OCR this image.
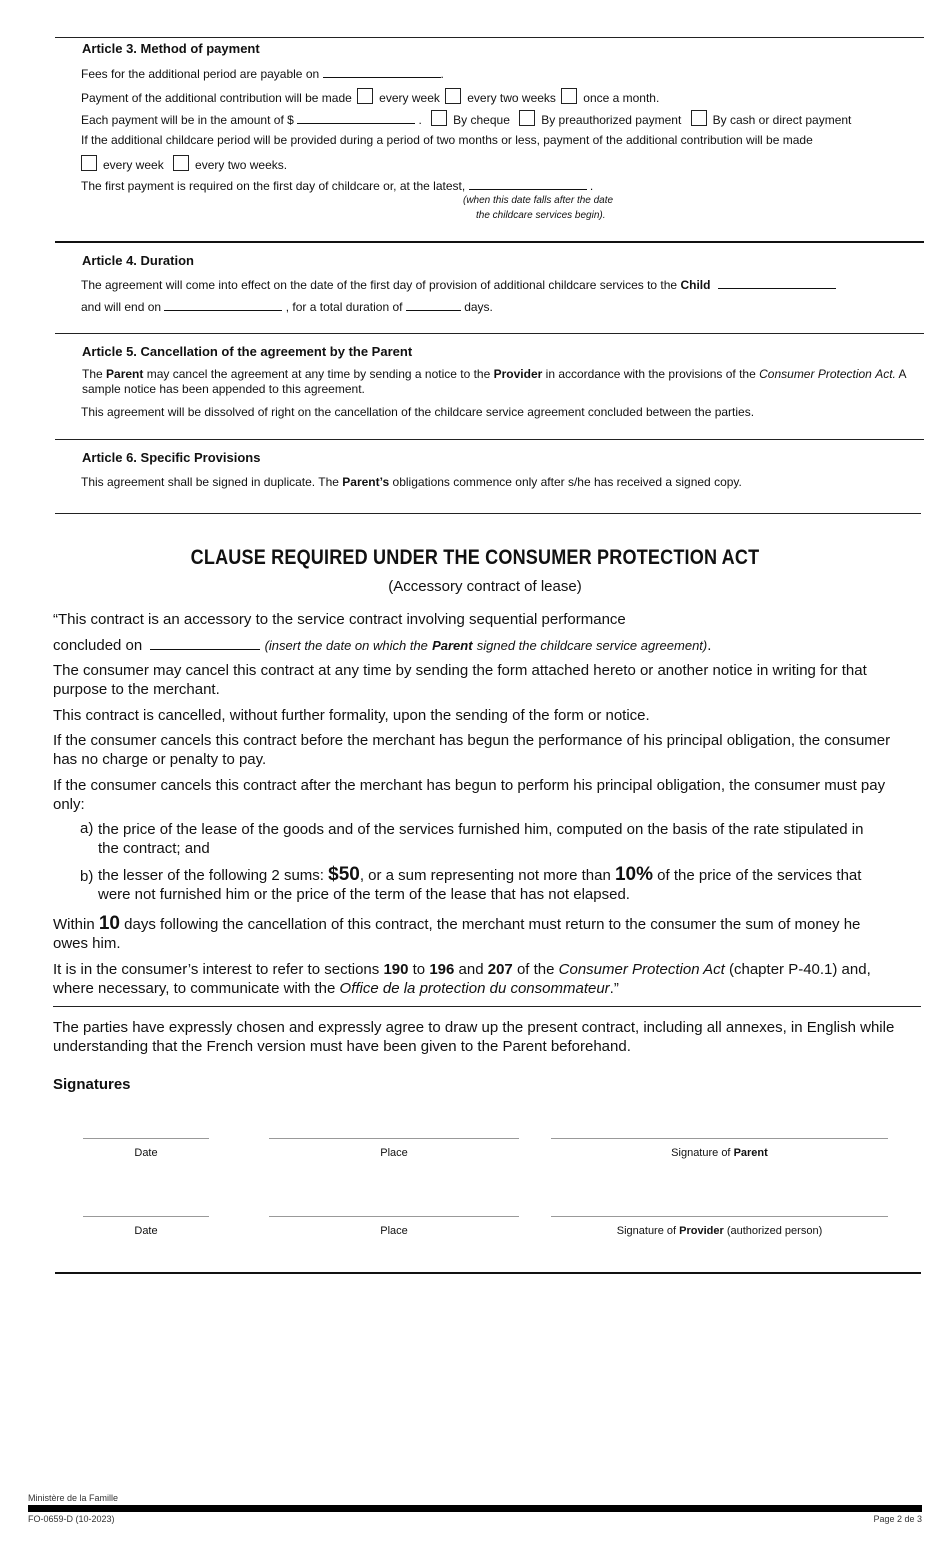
Article 3. Method of payment
Fees for the additional period are payable on	.
Payment of the additional contribution will be made every week every two weeks once a month.
Each payment will be in the amount of $	. By cheque	By preauthorized payment	By cash or direct payment
If the additional childcare period will be provided during a period of two months or less, payment of the additional contribution will be made
every week	every two weeks.
The first payment is required on the first day of childcare or, at the latest,	.
(when this date falls after the date
the childcare services begin).
Article 4. Duration
The agreement will come into effect on the date of the first day of provision of additional childcare services to the Child
and will end on	, for a total duration of	days.
Article 5. Cancellation of the agreement by the Parent
The Parent may cancel the agreement at any time by sending a notice to the Provider in accordance with the provisions of the Consumer Protection Act. A sample notice has been appended to this agreement.
This agreement will be dissolved of right on the cancellation of the childcare service agreement concluded between the parties.
Article 6. Specific Provisions
This agreement shall be signed in duplicate. The Parent’s obligations commence only after s/he has received a signed copy.
CLAUSE REQUIRED UNDER THE CONSUMER PROTECTION ACT
(Accessory contract of lease)
“This contract is an accessory to the service contract involving sequential performance
concluded on	(insert the date on which the Parent signed the childcare service agreement).
The consumer may cancel this contract at any time by sending the form attached hereto or another notice in writing for that purpose to the merchant.
This contract is cancelled, without further formality, upon the sending of the form or notice.
If the consumer cancels this contract before the merchant has begun the performance of his principal obligation, the consumer has no charge or penalty to pay.
If the consumer cancels this contract after the merchant has begun to perform his principal obligation, the consumer must pay only:
a) the price of the lease of the goods and of the services furnished him, computed on the basis of the rate stipulated in the contract; and
b) the lesser of the following 2 sums: $50, or a sum representing not more than 10% of the price of the services that were not furnished him or the price of the term of the lease that has not elapsed.
Within 10 days following the cancellation of this contract, the merchant must return to the consumer the sum of money he owes him.
It is in the consumer’s interest to refer to sections 190 to 196 and 207 of the Consumer Protection Act (chapter P-40.1) and, where necessary, to communicate with the Office de la protection du consommateur.”
The parties have expressly chosen and expressly agree to draw up the present contract, including all annexes, in English while understanding that the French version must have been given to the Parent beforehand.
Signatures
Date	Place	Signature of Parent
Date	Place	Signature of Provider (authorized person)
Ministère de la Famille
FO-0659-D (10-2023)	Page 2 de 3
